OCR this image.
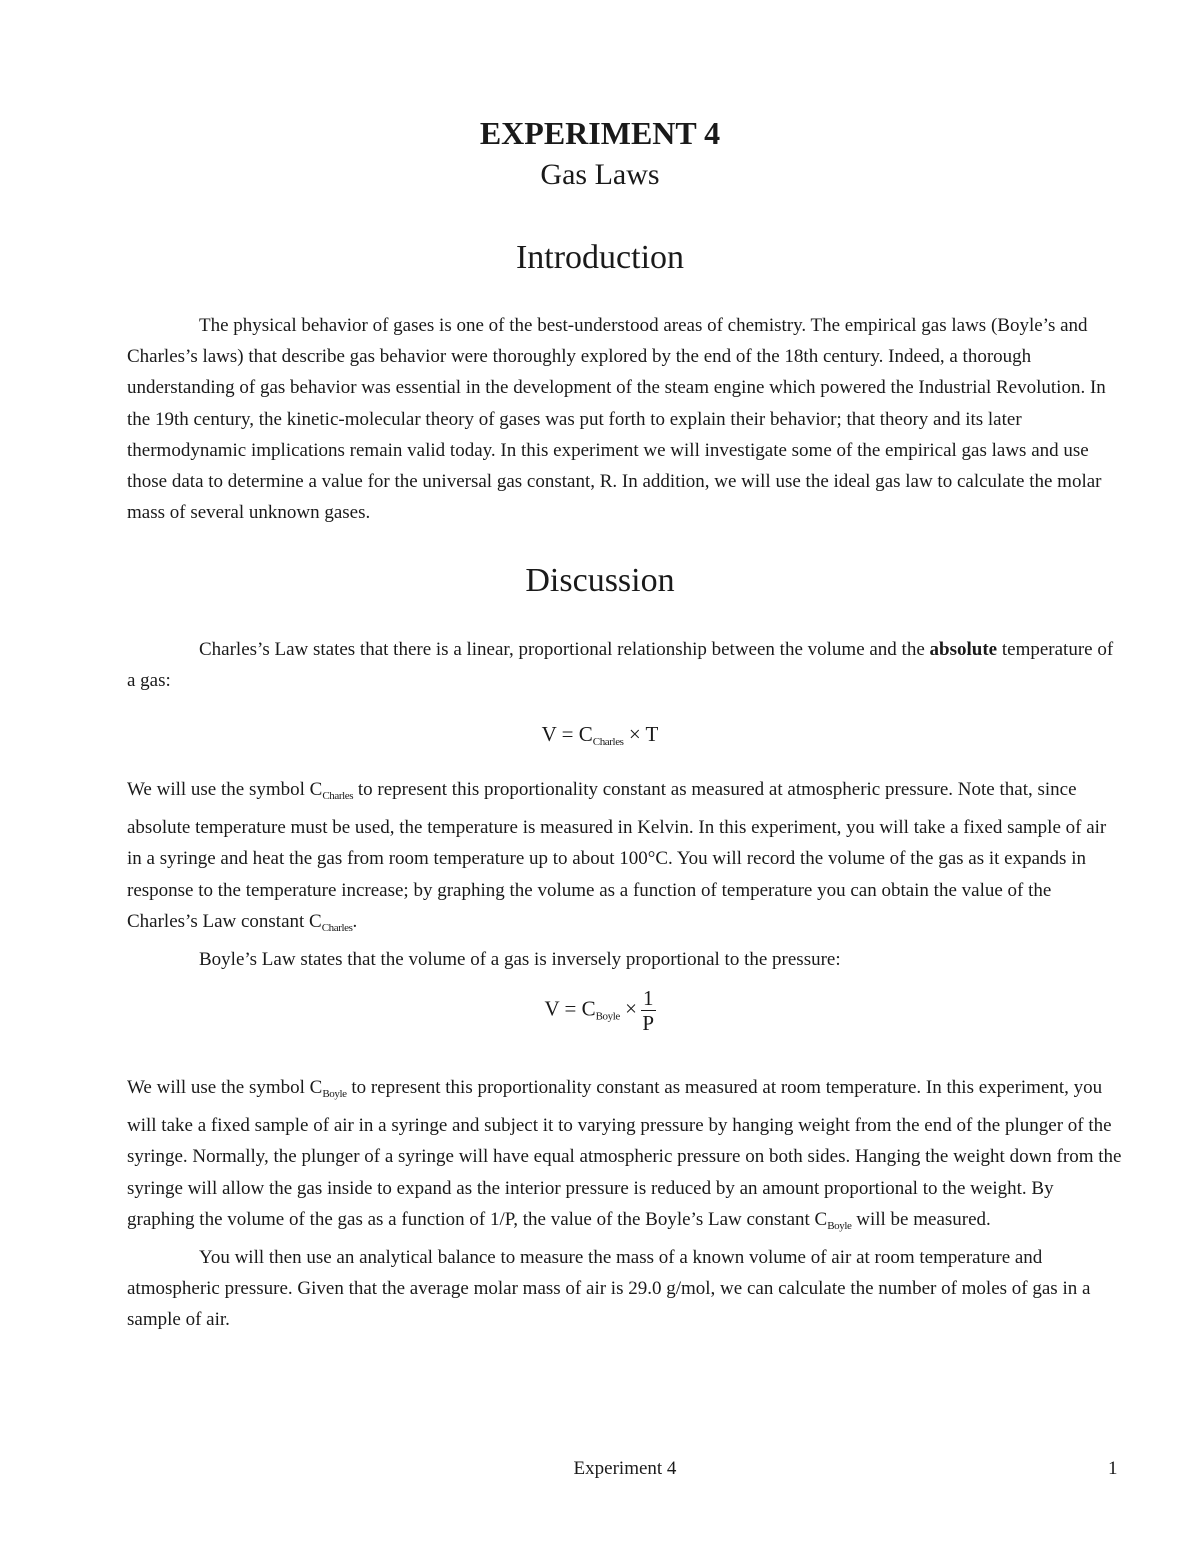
EXPERIMENT 4
Gas Laws
Introduction

The physical behavior of gases is one of the best-understood areas of chemistry. The empirical gas laws (Boyle’s and Charles’s laws) that describe gas behavior were thoroughly explored by the end of the 18th century. Indeed, a thorough understanding of gas behavior was essential in the development of the steam engine which powered the Industrial Revolution. In the 19th century, the kinetic-molecular theory of gases was put forth to explain their behavior; that theory and its later thermodynamic implications remain valid today. In this experiment we will investigate some of the empirical gas laws and use those data to determine a value for the universal gas constant, R. In addition, we will use the ideal gas law to calculate the molar mass of several unknown gases.

Discussion

Charles’s Law states that there is a linear, proportional relationship between the volume and the absolute temperature of a gas:

$V = C_{Charles} \times T$
We will use the symbol $C_{Charles}$ to represent this proportionality constant as measured at atmospheric pressure. Note that, since absolute temperature must be used, the temperature is measured in Kelvin. In this experiment, you will take a fixed sample of air in a syringe and heat the gas from room temperature up to about 100°C. You will record the volume of the gas as it expands in response to the temperature increase; by graphing the volume as a function of temperature you can obtain the value of the Charles’s Law constant $C_{Charles}$.
Boyle’s Law states that the volume of a gas is inversely proportional to the pressure:
$V = C_{Boyle} \times \frac{1}{P}$
We will use the symbol $C_{Boyle}$ to represent this proportionality constant as measured at room temperature. In this experiment, you will take a fixed sample of air in a syringe and subject it to varying pressure by hanging weight from the end of the plunger of the syringe. Normally, the plunger of a syringe will have equal atmospheric pressure on both sides. Hanging the weight down from the syringe will allow the gas inside to expand as the interior pressure is reduced by an amount proportional to the weight. By graphing the volume of the gas as a function of 1/P, the value of the Boyle’s Law constant $C_{Boyle}$ will be measured.
You will then use an analytical balance to measure the mass of a known volume of air at room temperature and atmospheric pressure. Given that the average molar mass of air is 29.0 g/mol, we can calculate the number of moles of gas in a sample of air.
Experiment 4	1
